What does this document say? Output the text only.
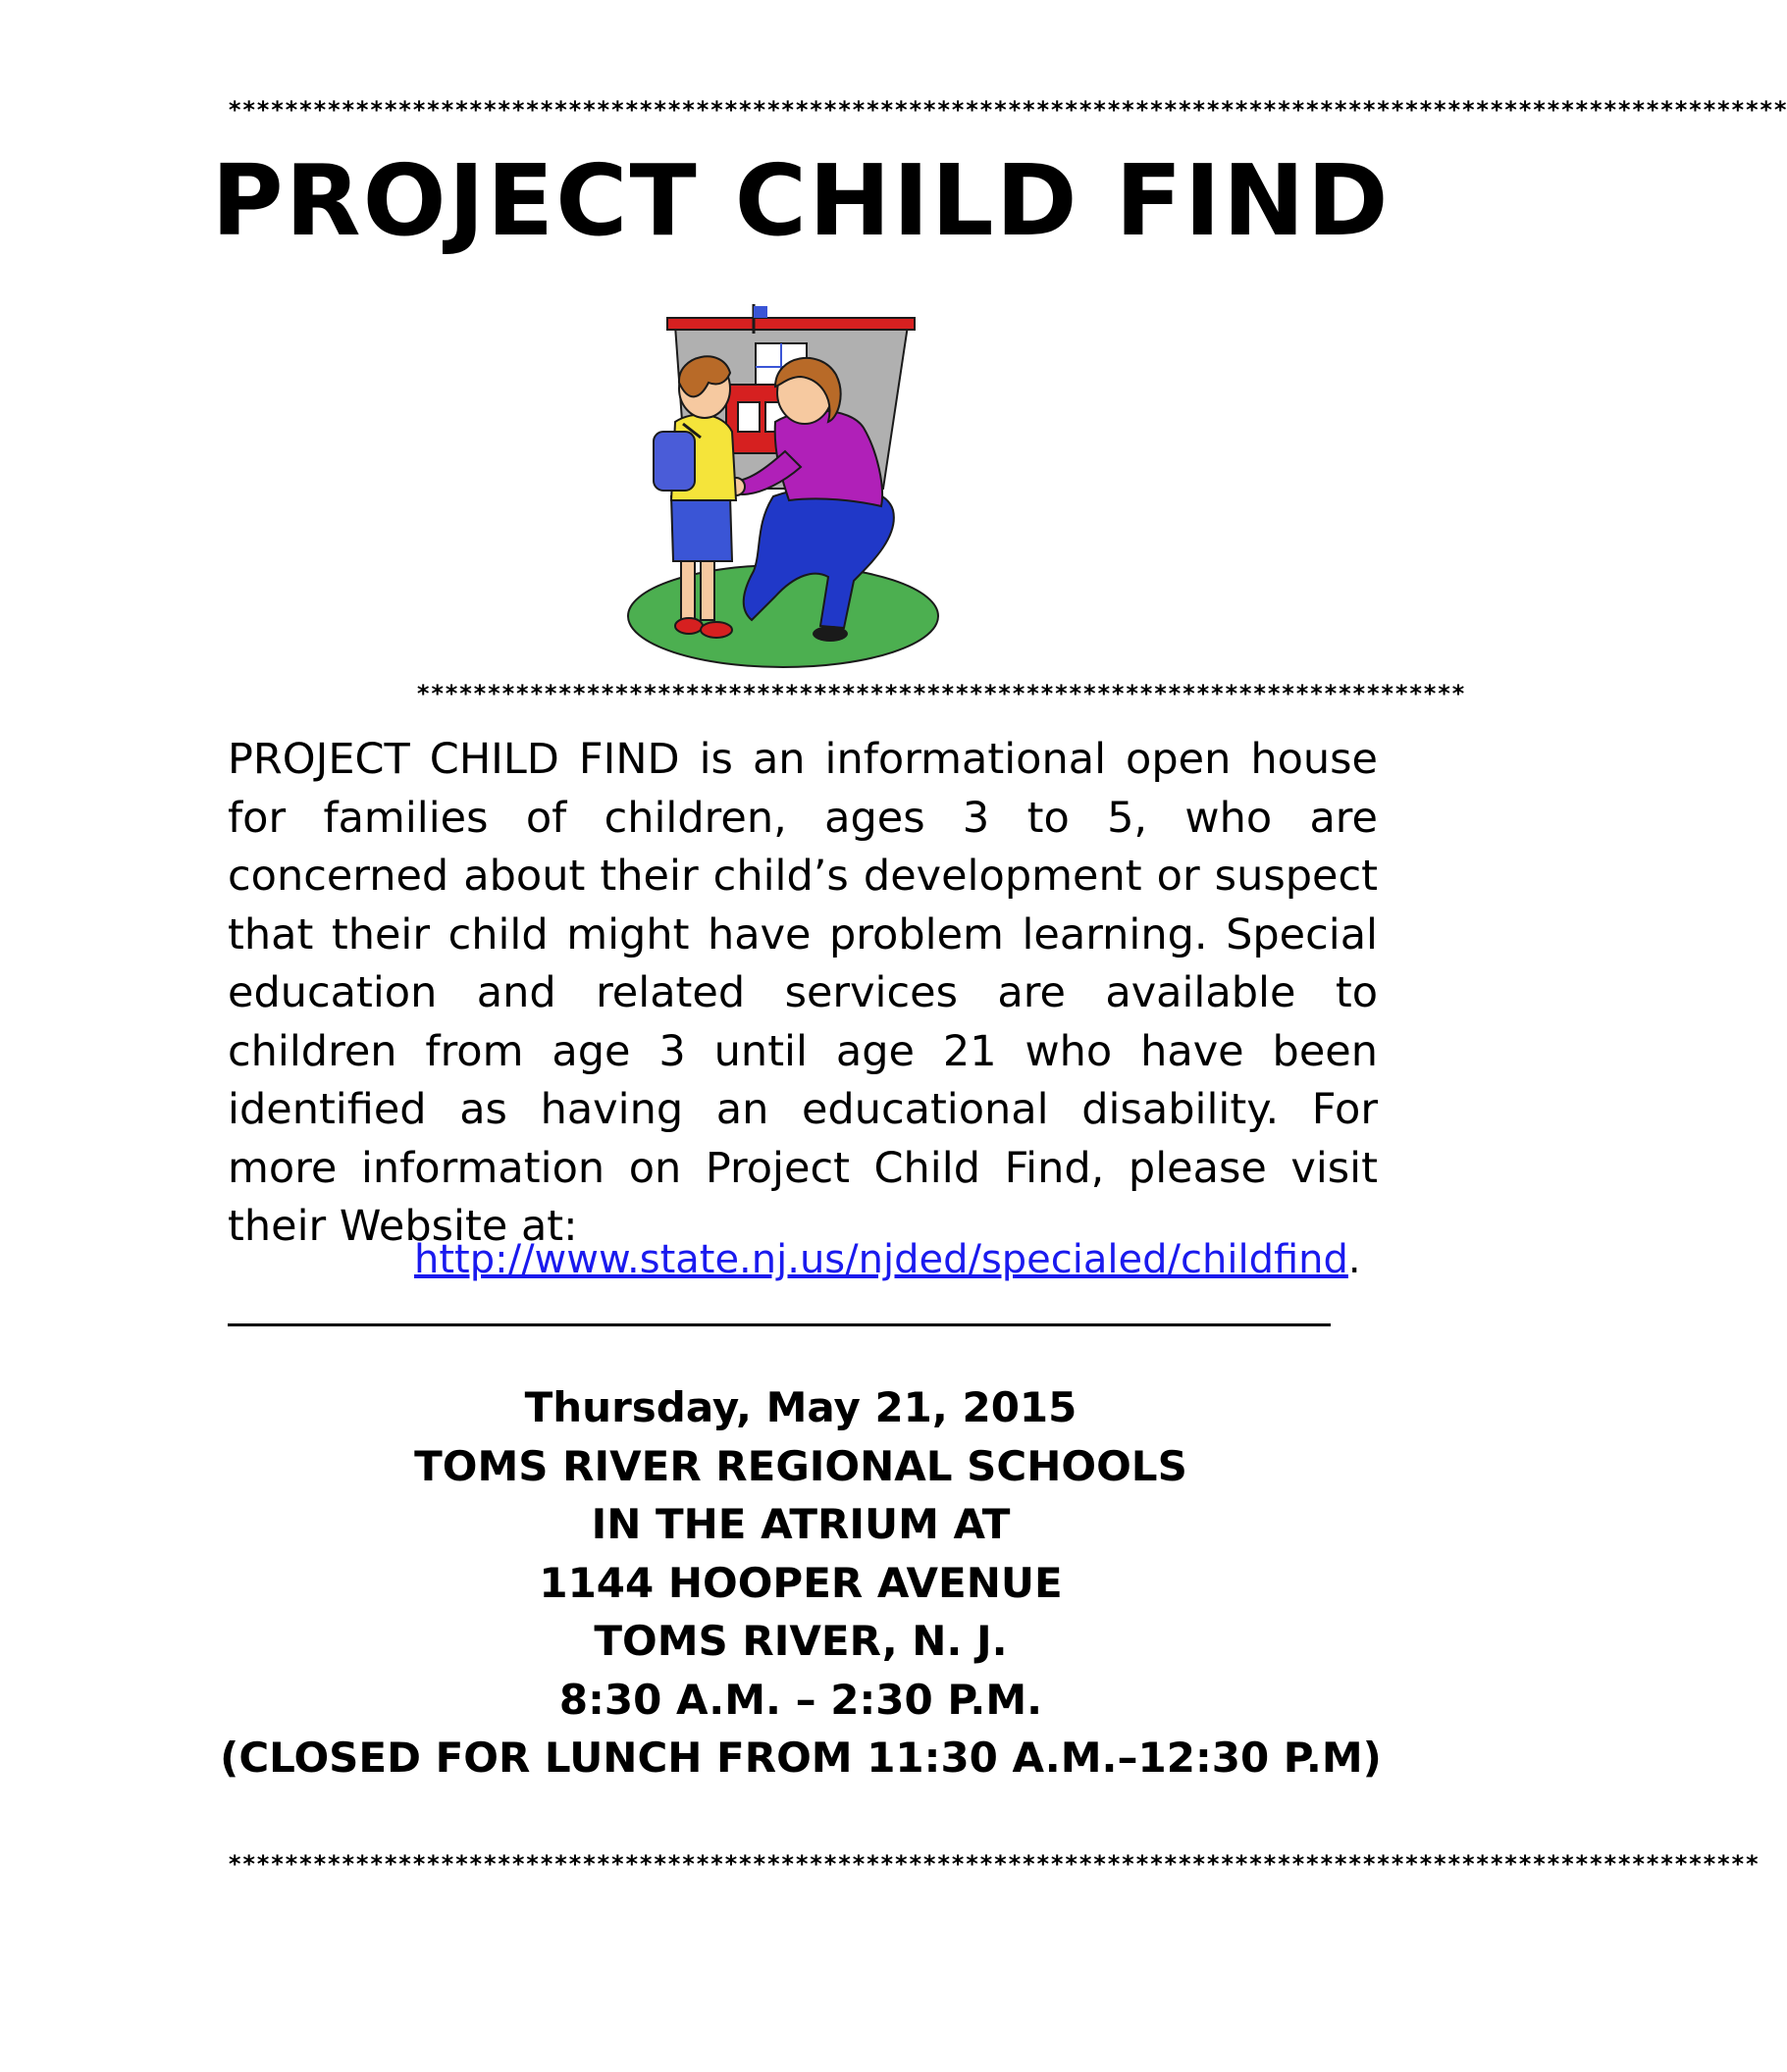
**************************************************************************************************************
PROJECT CHILD FIND
**************************************************************************
PROJECT CHILD FIND is an informational open house for families of children, ages 3 to 5, who are concerned about their child’s development or suspect that their child might have problem learning. Special education and related services are available to children from age 3 until age 21 who have been identified as having an educational disability. For more information on Project Child Find, please visit their Website at:
http://www.state.nj.us/njded/specialed/childfind.
Thursday, May 21, 2015
TOMS RIVER REGIONAL SCHOOLS
IN THE ATRIUM AT
1144 HOOPER AVENUE
TOMS RIVER, N. J.
8:30 A.M. – 2:30 P.M.
(CLOSED FOR LUNCH FROM 11:30 A.M.–12:30 P.M)
************************************************************************************************************
